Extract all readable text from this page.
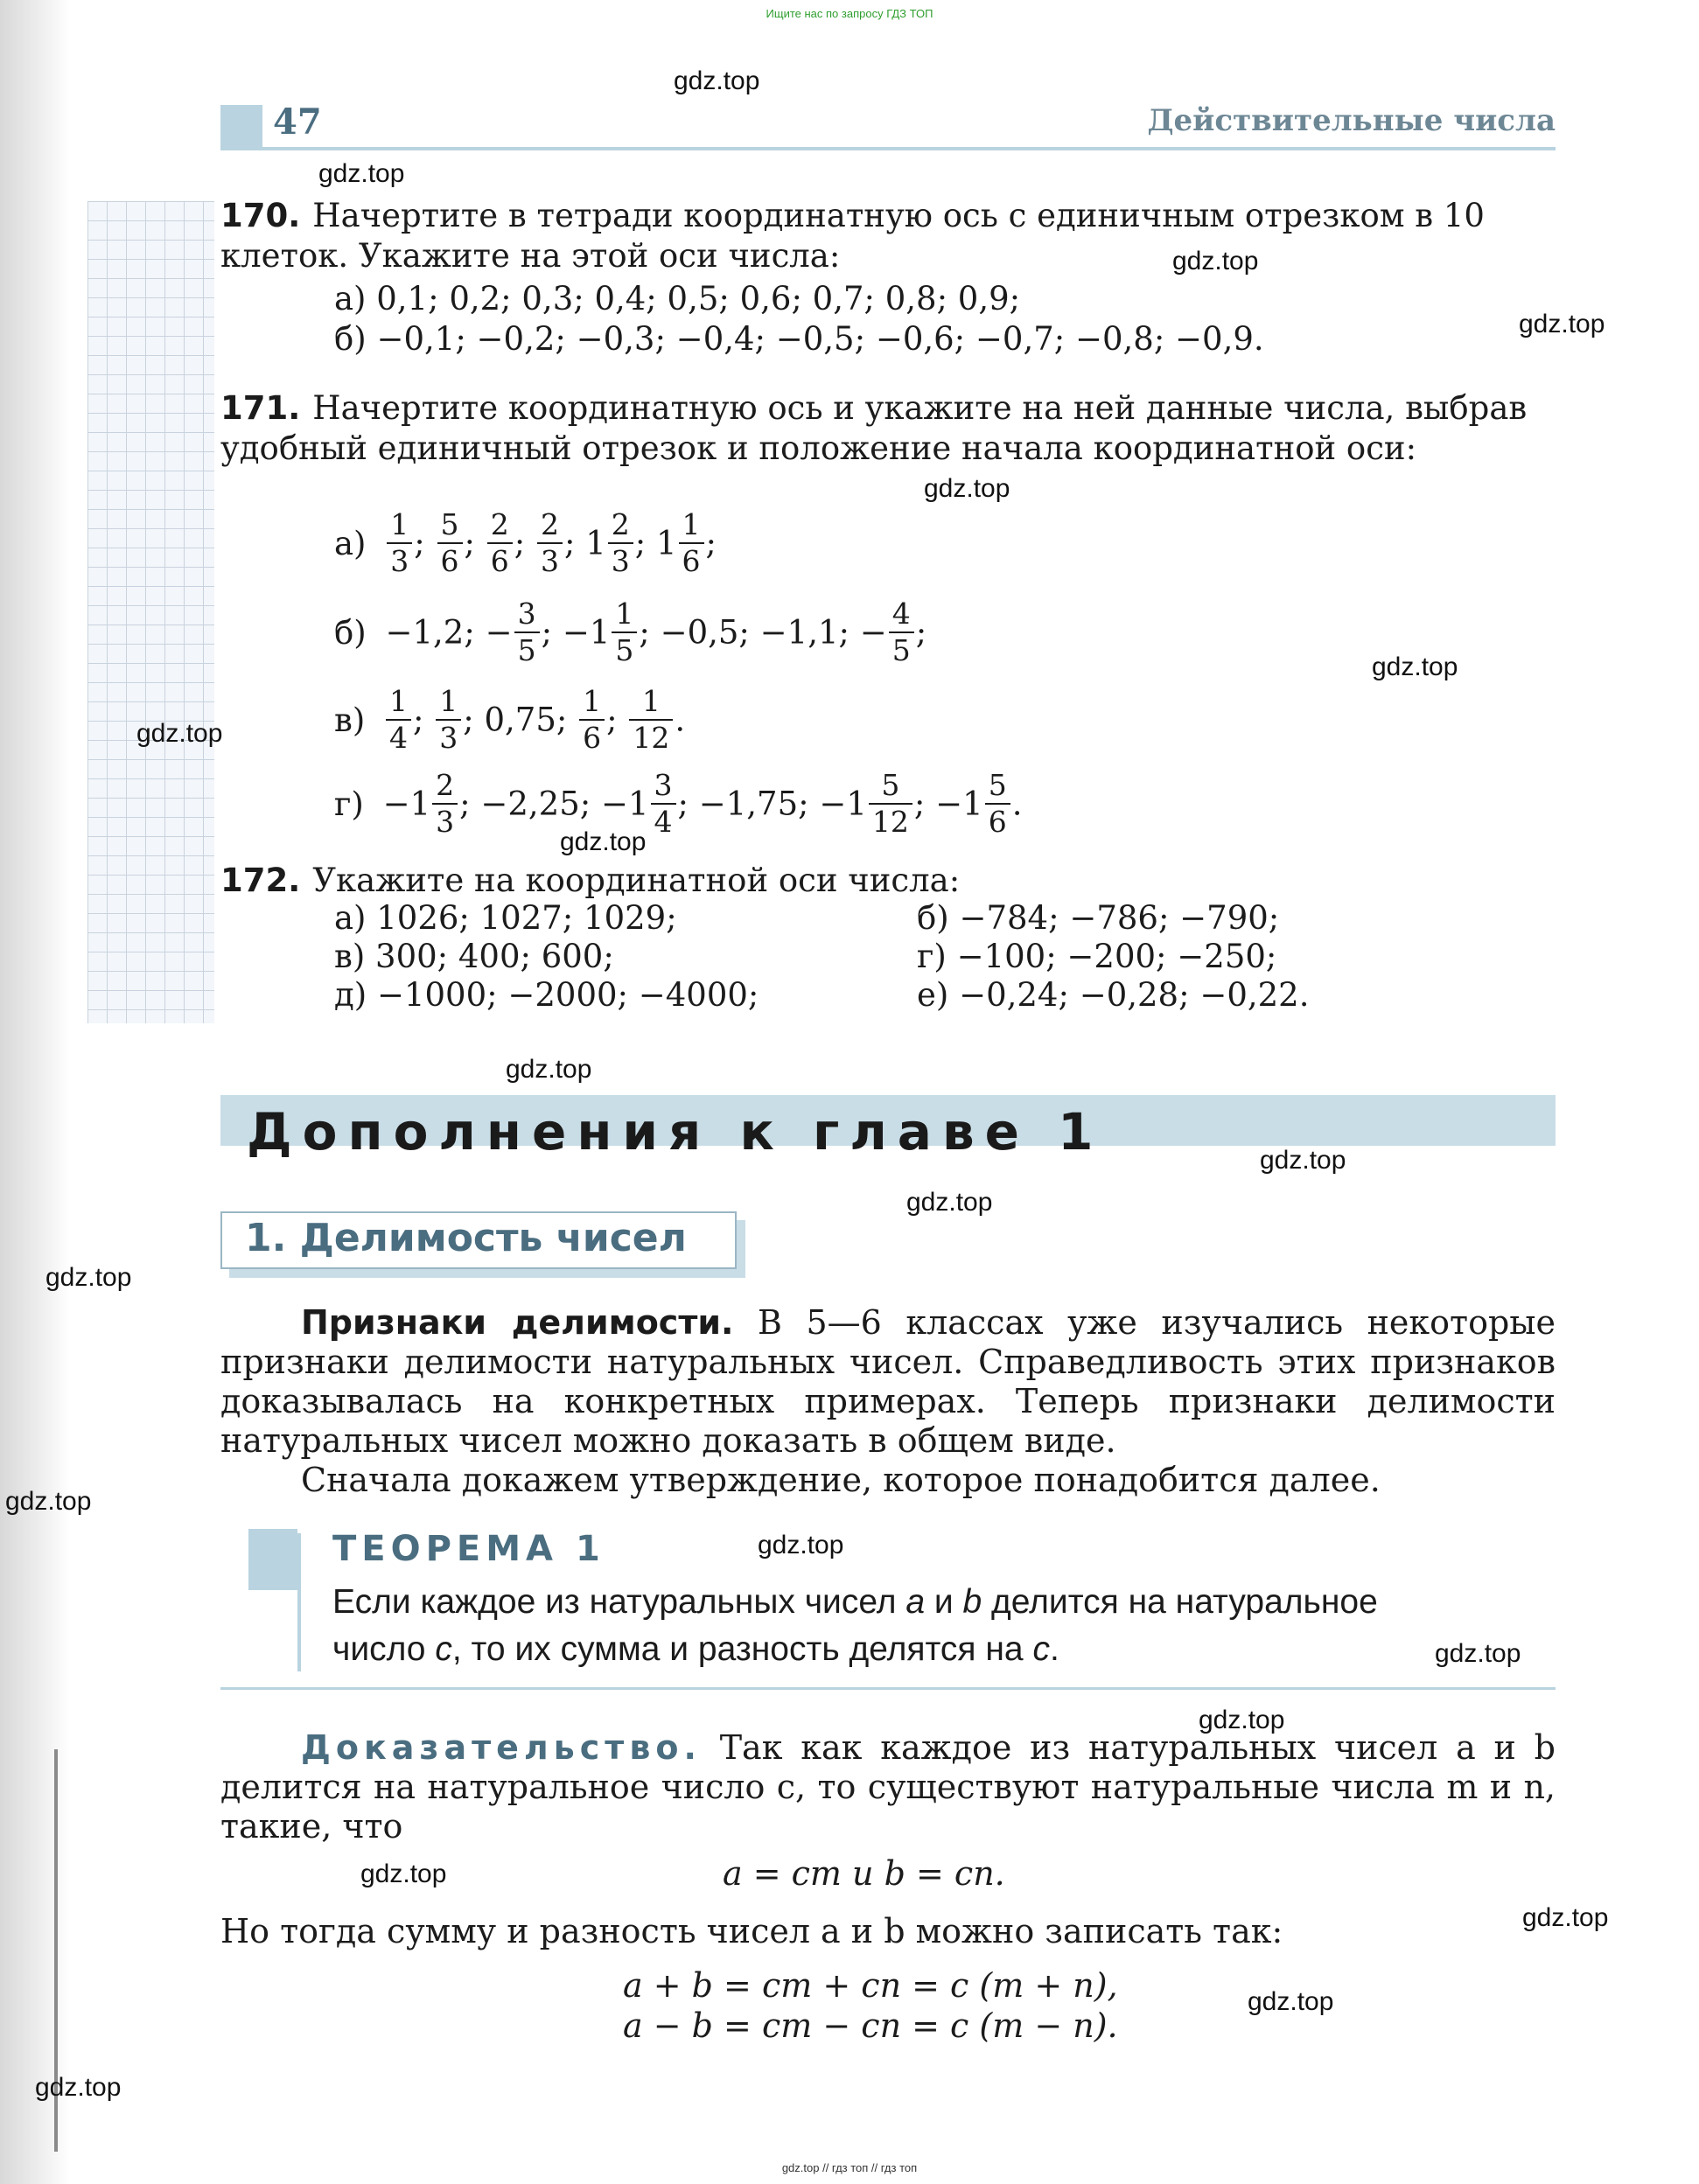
Ищите нас по запросу ГДЗ ТОП
47	Действительные числа
170. Начертите в тетради координатную ось с единичным отрезком в 10 клеток. Укажите на этой оси числа:
а) 0,1; 0,2; 0,3; 0,4; 0,5; 0,6; 0,7; 0,8; 0,9;
б) −0,1; −0,2; −0,3; −0,4; −0,5; −0,6; −0,7; −0,8; −0,9.
171. Начертите координатную ось и укажите на ней данные числа, выбрав удобный единичный отрезок и положение начала координатной оси:
$а) \frac{1}{3}$ ; $\frac{5}{6}$ ; $\frac{2}{6}$ ; $\frac{2}{3}$ ; $1 \frac{2}{3}$ ; $1 \frac{1}{6}$ ;
б) −1,2; − $\frac{3}{5}$ ; $-1 \frac{1}{5}$ ; −0,5; −1,1; − $\frac{4}{5}$ ;
$в) \frac{1}{4}$ ; $\frac{1}{3}$ ; 0,75; $\frac{1}{6}$ ; $\frac{1}{12}$ .
$г) -1 \frac{2}{3}$ ; −2,25; $-1 \frac{3}{4}$ ; −1,75; $-1 \frac{5}{12}$ ; $-1 \frac{5}{6}$ .
172. Укажите на координатной оси числа:
а) 1026; 1027; 1029;	б) −784; −786; −790;
в) 300; 400; 600;	г) −100; −200; −250;
д) −1000; −2000; −4000;	е) −0,24; −0,28; −0,22.
Дополнения к главе 1
1. Делимость чисел
Признаки делимости. В 5—6 классах уже изучались некоторые признаки делимости натуральных чисел. Справедливость этих признаков доказывалась на конкретных примерах. Теперь признаки делимости натуральных чисел можно доказать в общем виде.
Сначала докажем утверждение, которое понадобится далее.
ТЕОРЕМА 1
Если каждое из натуральных чисел a и b делится на натуральное
число c, то их сумма и разность делятся на c.
Доказательство. Так как каждое из натуральных чисел a и b делится на натуральное число c, то существуют натуральные числа m и n, такие, что
a = cm и b = cn.
Но тогда сумму и разность чисел a и b можно записать так:
a + b = cm + cn = c (m + n),
a − b = cm − cn = c (m − n).
gdz.top
gdz.top
gdz.top
gdz.top
gdz.top
gdz.top
gdz.top
gdz.top
gdz.top
gdz.top
gdz.top
gdz.top
gdz.top
gdz.top
gdz.top
gdz.top
gdz.top
gdz.top
gdz.top
gdz.top
gdz.top // гдз топ // гдз топ
